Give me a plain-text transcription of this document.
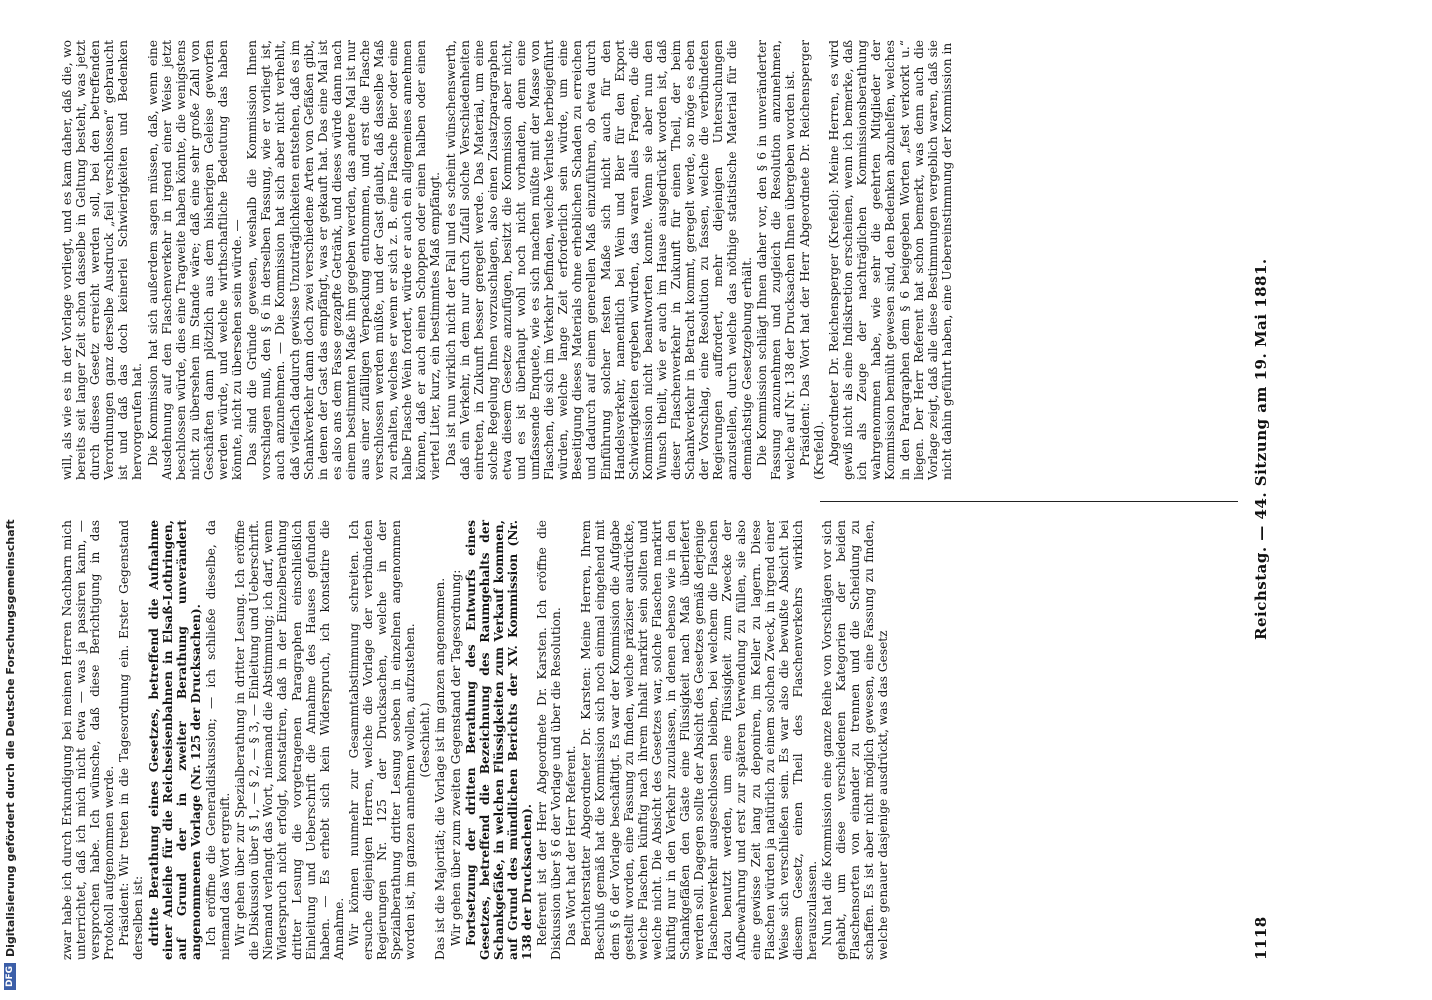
1118
Reichstag. — 44. Sitzung am 19. Mai 1881.

zwar habe ich durch Erkundigung bei meinen Herren Nachbarn mich unterrichtet, daß ich mich nicht etwa — was ja passiren kann, — versprochen habe. Ich wünsche, daß diese Berichtigung in das Protokoll aufgenommen werde. Präsident: Wir treten in die Tagesordnung ein. Erster Gegenstand derselben ist: dritte Berathung eines Gesetzes, betreffend die Aufnahme einer Anleihe für die Reichseisenbahnen in Elsaß-Lothringen, auf Grund der in zweiter Berathung unverändert angenommenen Vorlage (Nr. 125 der Drucksachen). Ich eröffne die Generaldiskussion; — ich schließe dieselbe, da niemand das Wort ergreift. Wir gehen über zur Spezialberathung in dritter Lesung. Ich eröffne die Diskussion über § 1, — § 2, — § 3, — Einleitung und Ueberschrift. Niemand verlangt das Wort, niemand die Abstimmung; ich darf, wenn Widerspruch nicht erfolgt, konstatiren, daß in der Einzelberathung dritter Lesung die vorgetragenen Paragraphen einschließlich Einleitung und Ueberschrift die Annahme des Hauses gefunden haben. — Es erhebt sich kein Widerspruch, ich konstatire die Annahme. Wir können nunmehr zur Gesammtabstimmung schreiten. Ich ersuche diejenigen Herren, welche die Vorlage der verbündeten Regierungen Nr. 125 der Drucksachen, welche in der Spezialberathung dritter Lesung soeben in einzelnen angenommen worden ist, im ganzen annehmen wollen, aufzustehen. (Geschieht.) Das ist die Majorität; die Vorlage ist im ganzen angenommen. Wir gehen über zum zweiten Gegenstand der Tagesordnung: Fortsetzung der dritten Berathung des Entwurfs eines Gesetzes, betreffend die Bezeichnung des Raumgehalts der Schankgefäße, in welchen Flüssigkeiten zum Verkauf kommen, auf Grund des mündlichen Berichts der XV. Kommission (Nr. 138 der Drucksachen). Referent ist der Herr Abgeordnete Dr. Karsten. Ich eröffne die Diskussion über § 6 der Vorlage und über die Resolution. Das Wort hat der Herr Referent. Berichterstatter Abgeordneter Dr. Karsten: Meine Herren, Ihrem Beschluß gemäß hat die Kommission sich noch einmal eingehend mit dem § 6 der Vorlage beschäftigt. Es war der Kommission die Aufgabe gestellt worden, eine Fassung zu finden, welche präziser ausdrückte, welche Flaschen künftig nach ihrem Inhalt markirt sein sollten und welche nicht. Die Absicht des Gesetzes war, solche Flaschen markirt künftig nur in den Verkehr zuzulassen, in denen ebenso wie in den Schankgefäßen den Gäste eine Flüssigkeit nach Maß überliefert werden soll. Dagegen sollte der Absicht des Gesetzes gemäß derjenige Flaschenverkehr ausgeschlossen bleiben, bei welchem die Flaschen dazu benutzt werden, um eine Flüssigkeit zum Zwecke der Aufbewahrung und erst zur späteren Verwendung zu füllen, sie also eine gewisse Zeit lang zu deponiren, im Keller zu lagern. Diese Flaschen würden ja natürlich zu einem solchen Zweck, in irgend einer Weise sich verschließen sein. Es war also die bewußte Absicht bei diesem Gesetz, einen Theil des Flaschenverkehrs wirklich herauszulassen. Nun hat die Kommission eine ganze Reihe von Vorschlägen vor sich gehabt, um diese verschiedenen Kategorien der beiden Flaschensorten von einander zu trennen und die Scheidung zu schaffen. Es ist aber nicht möglich gewesen, eine Fassung zu finden, welche genauer dasjenige ausdrückt, was das Gesetz

will, als wie es in der Vorlage vorliegt, und es kam daher, daß die, wo bereits seit langer Zeit schon dasselbe in Geltung besteht, was jetzt durch dieses Gesetz erreicht werden soll, bei den betreffenden Verordnungen ganz derselbe Ausdruck „feil verschlossen“ gebraucht ist und daß das doch keinerlei Schwierigkeiten und Bedenken hervorgerufen hat. Die Kommission hat sich außerdem sagen müssen, daß, wenn eine Ausdehnung auf den Flaschenverkehr in irgend einer Weise jetzt beschlossen würde, dies eine Tragweite haben könnte, die wenigstens nicht zu übersehen im Stande wäre; daß eine sehr große Zahl von Geschäften dann plötzlich aus dem bisherigen Geleise geworfen werden würde, und welche wirthschaftliche Bedeutung das haben könnte, nicht zu übersehen sein würde. — Das sind die Gründe gewesen, weshalb die Kommission Ihnen vorschlagen muß, den § 6 in derselben Fassung, wie er vorliegt ist, auch anzunehmen. — Die Kommission hat sich aber nicht verhehlt, daß vielfach dadurch gewisse Unzuträglichkeiten entstehen, daß es im Schankverkehr dann doch zwei verschiedene Arten von Gefäßen gibt, in denen der Gast das empfängt, was er gekauft hat. Das eine Mal ist es also ans dem Fasse gezapfte Getränk, und dieses würde dann nach einem bestimmten Maße ihm gegeben werden, das andere Mal ist nur aus einer zufälligen Verpackung entnommen, und erst die Flasche verschlossen werden müßte, und der Gast glaubt, daß dasselbe Maß zu erhalten, welches er wenn er sich z. B. eine Flasche Bier oder eine halbe Flasche Wein fordert, würde er auch ein allgemeines annehmen können, daß er auch einen Schoppen oder einen halben oder einen viertel Liter, kurz, ein bestimmtes Maß empfängt. Das ist nun wirklich nicht der Fall und es scheint wünschenswerth, daß ein Verkehr, in dem nur durch Zufall solche Verschiedenheiten eintreten, in Zukunft besser geregelt werde. Das Material, um eine solche Regelung Ihnen vorzuschlagen, also einen Zusatzparagraphen etwa diesem Gesetze anzufügen, besitzt die Kommission aber nicht, und es ist überhaupt wohl noch nicht vorhanden, denn eine umfassende Enquete, wie es sich machen müßte mit der Masse von Flaschen, die sich im Verkehr befinden, welche Verluste herbeigeführt würden, welche lange Zeit erforderlich sein würde, um eine Beseitigung dieses Materials ohne erheblichen Schaden zu erreichen und dadurch auf einem generellen Maß einzuführen, ob etwa durch Einführung solcher festen Maße sich nicht auch für den Handelsverkehr, namentlich bei Wein und Bier für den Export Schwierigkeiten ergeben würden, das waren alles Fragen, die die Kommission nicht beantworten konnte. Wenn sie aber nun den Wunsch theilt, wie er auch im Hause ausgedrückt worden ist, daß dieser Flaschenverkehr in Zukunft für einen Theil, der beim Schankverkehr in Betracht kommt, geregelt werde, so möge es eben der Vorschlag, eine Resolution zu fassen, welche die verbündeten Regierungen auffordert, mehr diejenigen Untersuchungen anzustellen, durch welche das nöthige statistische Material für die demnächstige Gesetzgebung erhält. Die Kommission schlägt Ihnen daher vor, den § 6 in unveränderter Fassung anzunehmen und zugleich die Resolution anzunehmen, welche auf Nr. 138 der Drucksachen Ihnen übergeben worden ist. Präsident: Das Wort hat der Herr Abgeordnete Dr. Reichensperger (Krefeld). Abgeordneter Dr. Reichensperger (Krefeld): Meine Herren, es wird gewiß nicht als eine Indiskretion erscheinen, wenn ich bemerke, daß ich als Zeuge der nachträglichen Kommissionsberathung wahrgenommen habe, wie sehr die geehrten Mitglieder der Kommission bemüht gewesen sind, den Bedenken abzuhelfen, welches in den Paragraphen dem § 6 beigegeben Worten „fest verkorkt u.“ liegen. Der Herr Referent hat schon bemerkt, was denn auch die Vorlage zeigt, daß alle diese Bestimmungen vergeblich waren, daß sie nicht dahin geführt haben, eine Uebereinstimmung der Kommission in

DFG
Digitalisierung gefördert durch die Deutsche Forschungsgemeinschaft
